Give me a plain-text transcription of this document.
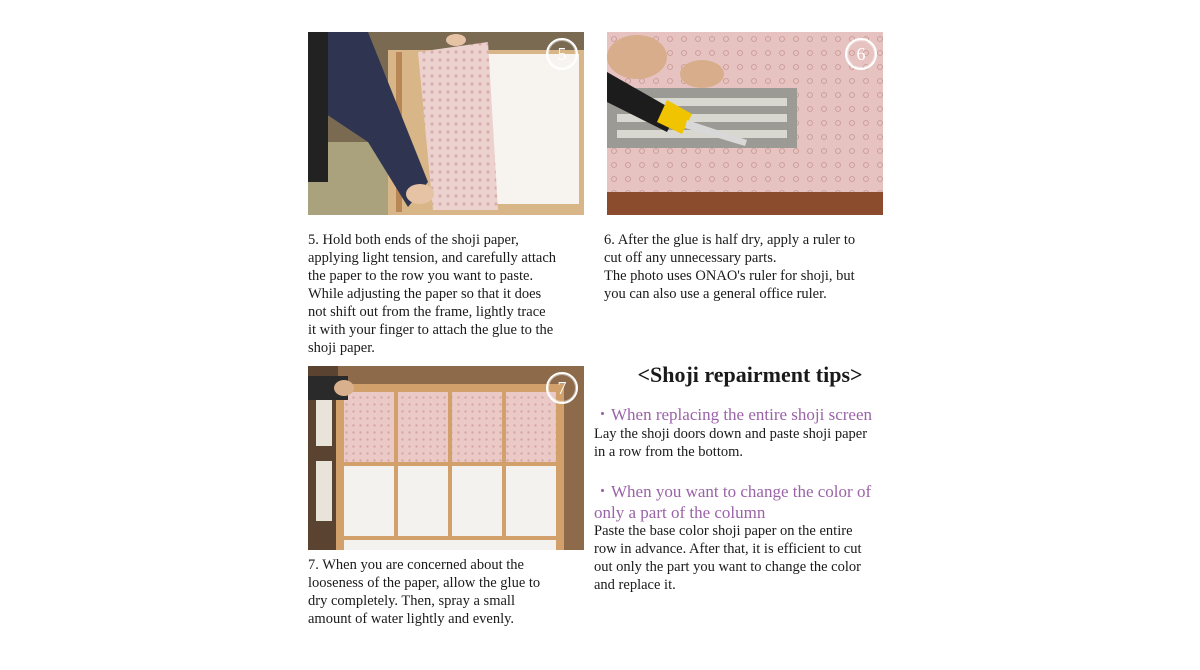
5	6
7

5. Hold both ends of the shoji paper,
applying light tension, and carefully attach
the paper to the row you want to paste.
While adjusting the paper so that it does
not shift out from the frame, lightly trace
it with your finger to attach the glue to the
shoji paper.

6. After the glue is half dry, apply a ruler to
cut off any unnecessary parts.
The photo uses ONAO's ruler for shoji, but
you can also use a general office ruler.

7. When you are concerned about the
looseness of the paper, allow the glue to
dry completely. Then, spray a small
amount of water lightly and evenly.

<Shoji repairment tips>

・When replacing the entire shoji screen

Lay the shoji doors down and paste shoji paper
in a row from the bottom.

・When you want to change the color of
only a part of the column

Paste the base color shoji paper on the entire
row in advance. After that, it is efficient to cut
out only the part you want to change the color
and replace it.
